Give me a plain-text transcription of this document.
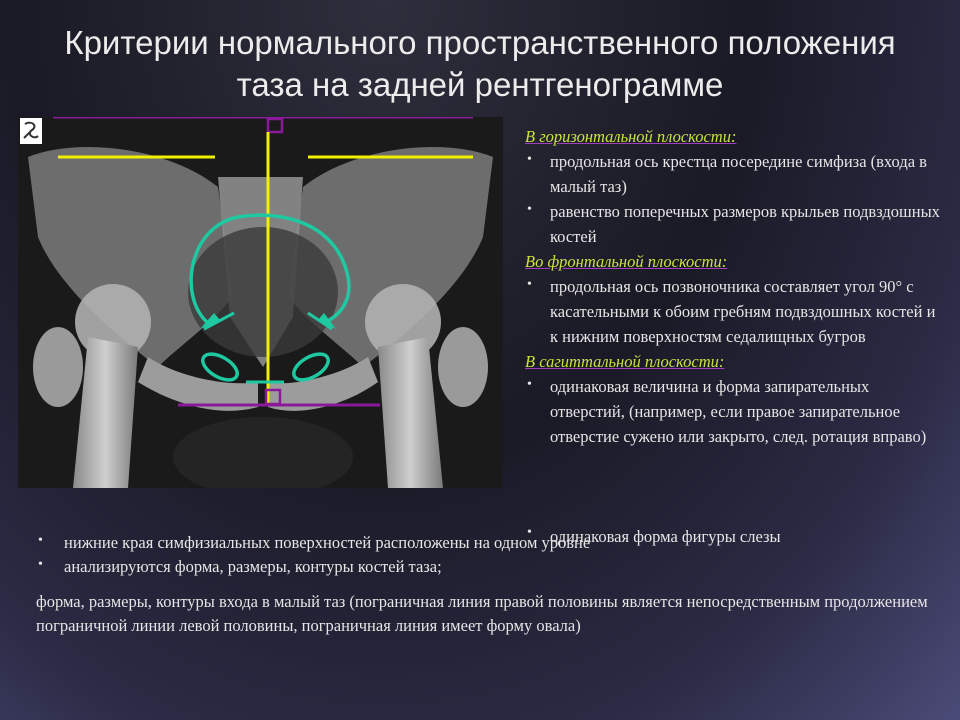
Критерии нормального пространственного положения
таза на задней рентгенограмме
В горизонтальной плоскости:

• продольная ось крестца посередине симфиза (входа в малый таз)

• равенство поперечных размеров крыльев подвздошных костей

Во фронтальной плоскости:

• продольная ось позвоночника составляет угол 90° с касательными к обоим гребням подвздошных костей и к нижним поверхностям седалищных бугров

В сагиттальной плоскости:

• одинаковая величина и форма запирательных отверстий, (например, если правое запирательное отверстие сужено или закрыто, след. ротация вправо)

• одинаковая форма фигуры слезы

• нижние края симфизиальных поверхностей расположены на одном уровне

• анализируются форма, размеры, контуры костей таза;

форма, размеры, контуры входа в малый таз (пограничная линия правой половины является непосредственным продолжением пограничной линии левой половины, пограничная линия имеет форму овала)
